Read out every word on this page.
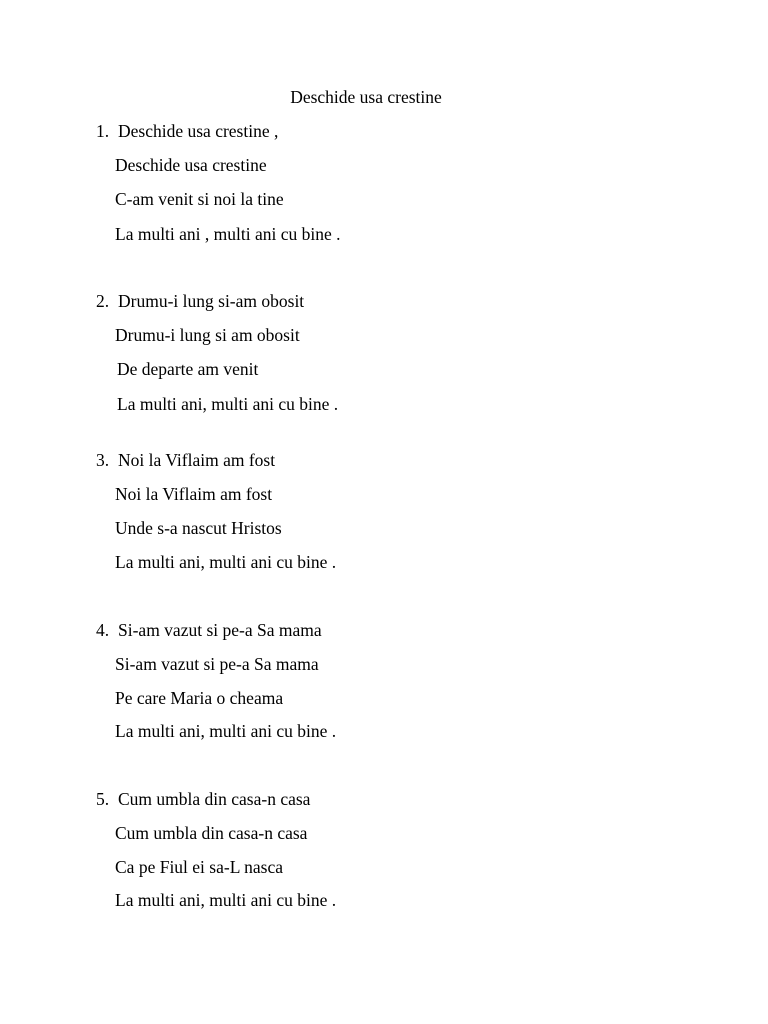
Deschide usa crestine
1. Deschide usa crestine ,
Deschide usa crestine
C-am venit si noi la tine
La multi ani , multi ani cu bine .
2. Drumu-i lung si-am obosit
Drumu-i lung si am obosit
De departe am venit
La multi ani, multi ani cu bine .
3. Noi la Viflaim am fost
Noi la Viflaim am fost
Unde s-a nascut Hristos
La multi ani, multi ani cu bine .
4. Si-am vazut si pe-a Sa mama
Si-am vazut si pe-a Sa mama
Pe care Maria o cheama
La multi ani, multi ani cu bine .
5. Cum umbla din casa-n casa
Cum umbla din casa-n casa
Ca pe Fiul ei sa-L nasca
La multi ani, multi ani cu bine .
